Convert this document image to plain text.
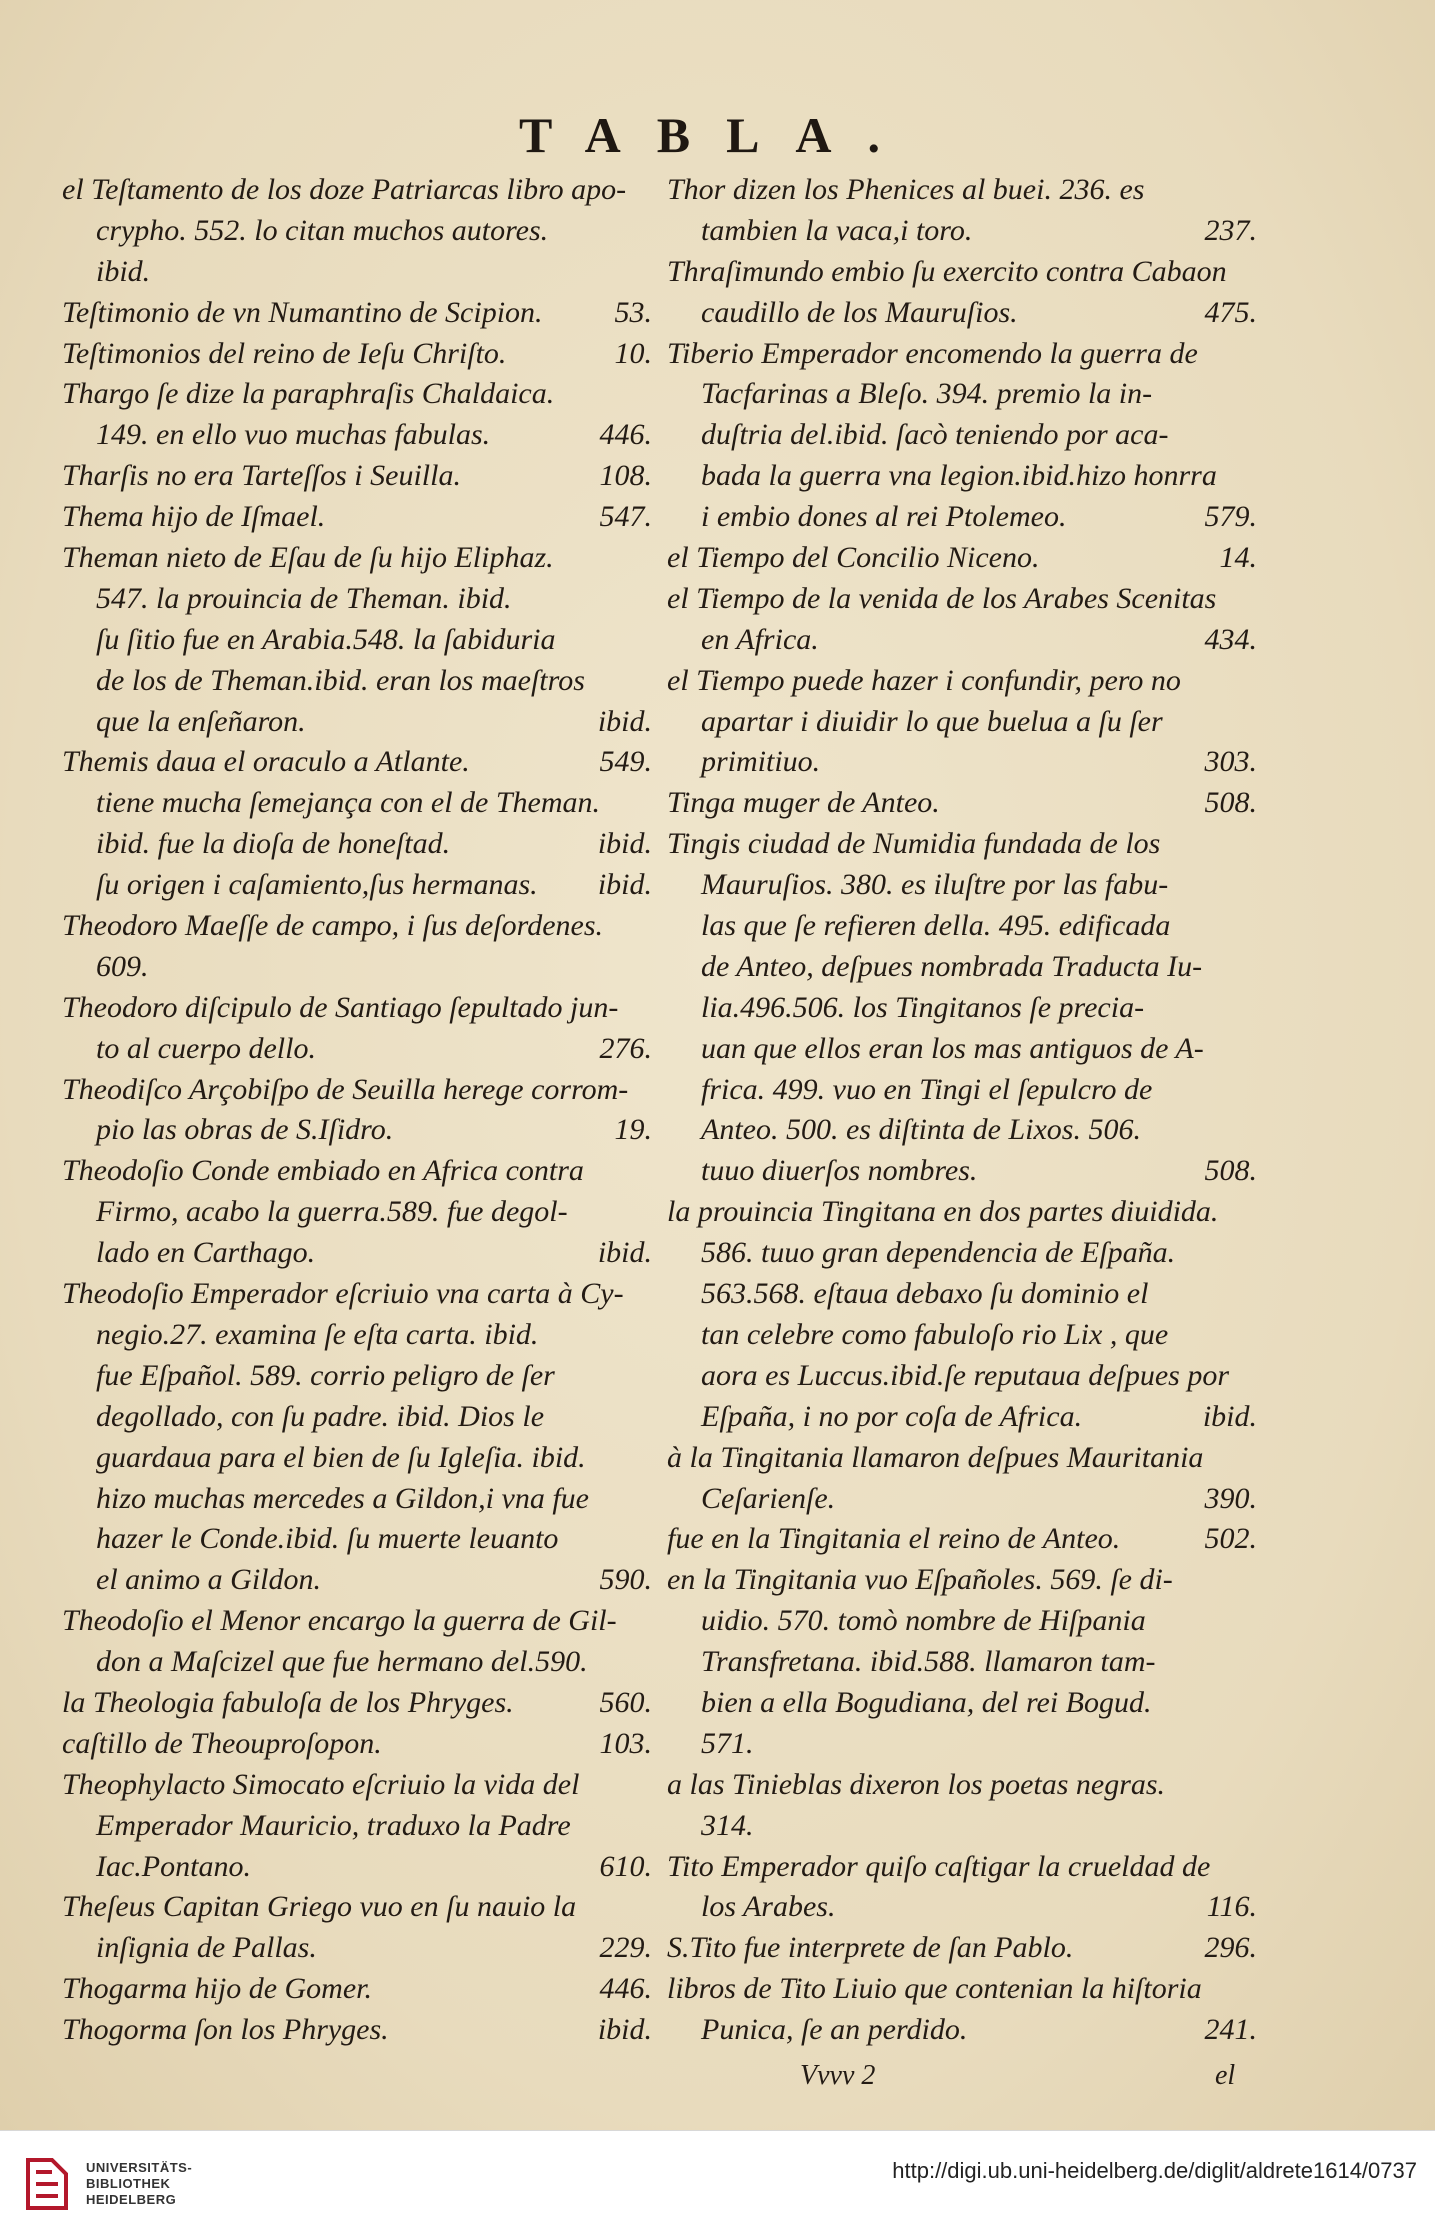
TABLA.
el Teſtamento de los doze Patriarcas libro apo-
crypho. 552. lo citan muchos autores.
ibid.
Teſtimonio de vn Numantino de Scipion. 53.
Teſtimonios del reino de Ieſu Chriſto.	10.
Thargo ſe dize la paraphraſis Chaldaica.
149. en ello vuo muchas fabulas.	446.
Tharſis no era Tarteſſos i Seuilla.	108.
Thema hijo de Iſmael.	547.
Theman nieto de Eſau de ſu hijo Eliphaz.
547. la prouincia de Theman. ibid.
ſu ſitio fue en Arabia.548. la ſabiduria
de los de Theman.ibid. eran los maeſtros
que la enſeñaron.	ibid.
Themis daua el oraculo a Atlante.	549.
tiene mucha ſemejança con el de Theman.
ibid. fue la dioſa de honeſtad.	ibid.
ſu origen i caſamiento,ſus hermanas. ibid.
Theodoro Maeſſe de campo, i ſus deſordenes.
609.
Theodoro diſcipulo de Santiago ſepultado jun-
to al cuerpo dello.	276.
Theodiſco Arçobiſpo de Seuilla herege corrom-
pio las obras de S.Iſidro.	19.
Theodoſio Conde embiado en Africa contra
Firmo, acabo la guerra.589. fue degol-
lado en Carthago.	ibid.
Theodoſio Emperador eſcriuio vna carta à Cy-
negio.27. examina ſe eſta carta. ibid.
fue Eſpañol. 589. corrio peligro de ſer
degollado, con ſu padre. ibid. Dios le
guardaua para el bien de ſu Igleſia. ibid.
hizo muchas mercedes a Gildon,i vna fue
hazer le Conde.ibid. ſu muerte leuanto
el animo a Gildon.	590.
Theodoſio el Menor encargo la guerra de Gil-
don a Maſcizel que fue hermano del.590.
la Theologia fabuloſa de los Phryges.	560.
caſtillo de Theouproſopon.	103.
Theophylacto Simocato eſcriuio la vida del
Emperador Mauricio, traduxo la Padre
Iac.Pontano.	610.
Theſeus Capitan Griego vuo en ſu nauio la
inſignia de Pallas.	229.
Thogarma hijo de Gomer.	446.
Thogorma ſon los Phryges.	ibid.
Thor dizen los Phenices al buei. 236. es
tambien la vaca,i toro.	237.
Thraſimundo embio ſu exercito contra Cabaon
caudillo de los Mauruſios.	475.
Tiberio Emperador encomendo la guerra de
Tacfarinas a Bleſo. 394. premio la in-
duſtria del.ibid. ſacò teniendo por aca-
bada la guerra vna legion.ibid.hizo honrra
i embio dones al rei Ptolemeo.	579.
el Tiempo del Concilio Niceno.	14.
el Tiempo de la venida de los Arabes Scenitas
en Africa.	434.
el Tiempo puede hazer i confundir, pero no
apartar i diuidir lo que buelua a ſu ſer
primitiuo.	303.
Tinga muger de Anteo.	508.
Tingis ciudad de Numidia fundada de los
Mauruſios. 380. es iluſtre por las fabu-
las que ſe refieren della. 495. edificada
de Anteo, deſpues nombrada Traducta Iu-
lia.496.506. los Tingitanos ſe precia-
uan que ellos eran los mas antiguos de A-
frica. 499. vuo en Tingi el ſepulcro de
Anteo. 500. es diſtinta de Lixos. 506.
tuuo diuerſos nombres.	508.
la prouincia Tingitana en dos partes diuidida.
586. tuuo gran dependencia de Eſpaña.
563.568. eſtaua debaxo ſu dominio el
tan celebre como fabuloſo rio Lix , que
aora es Luccus.ibid.ſe reputaua deſpues por
Eſpaña, i no por coſa de Africa.	ibid.
à la Tingitania llamaron deſpues Mauritania
Ceſarienſe.	390.
fue en la Tingitania el reino de Anteo.	502.
en la Tingitania vuo Eſpañoles. 569. ſe di-
uidio. 570. tomò nombre de Hiſpania
Transfretana. ibid.588. llamaron tam-
bien a ella Bogudiana, del rei Bogud.
571.
a las Tinieblas dixeron los poetas negras.
314.
Tito Emperador quiſo caſtigar la crueldad de
los Arabes.	116.
S.Tito fue interprete de ſan Pablo.	296.
libros de Tito Liuio que contenian la hiſtoria
Punica, ſe an perdido.	241.
Vvvv 2	el
UNIVERSITÄTS-
BIBLIOTHEK
HEIDELBERG
http://digi.ub.uni-heidelberg.de/diglit/aldrete1614/0737
